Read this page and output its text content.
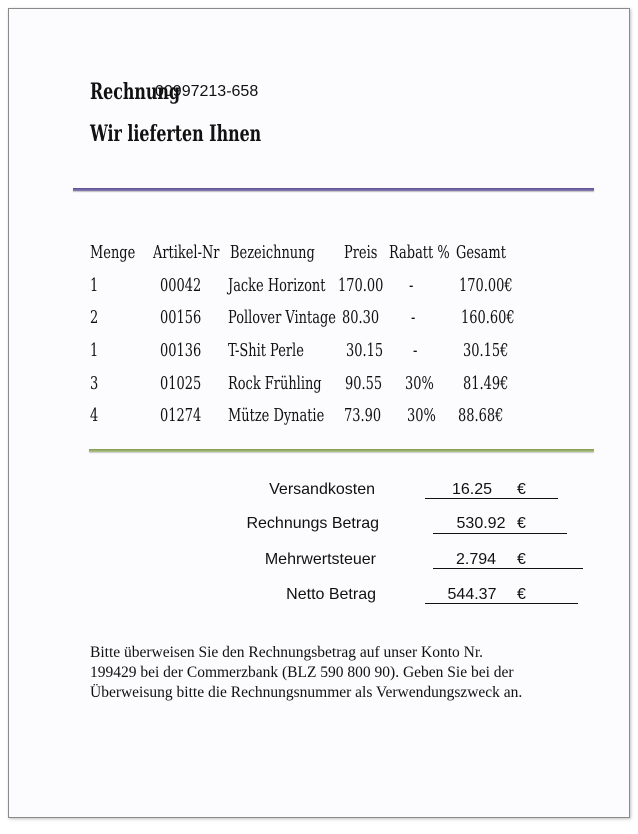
Rechnung
00997213-658
Wir lieferten Ihnen
Menge Artikel-Nr Bezeichnung Preis Rabatt % Gesamt
1	00042 Jacke Horizont 170.00 -	170.00€
2	00156 Pollover Vintage 80.30 -	160.60€
1	00136 T-Shit Perle 30.15 -	30.15€
3	01025 Rock Frühling 90.55 30% 81.49€
4	01274 Mütze Dynatie 73.90 30% 88.68€
Versandkosten	16.25	€
Rechnungs Betrag	530.92 €
Mehrwertsteuer	2.794	€
Netto Betrag	544.37	€
Bitte überweisen Sie den Rechnungsbetrag auf unser Konto Nr.
199429 bei der Commerzbank (BLZ 590 800 90). Geben Sie bei der
Überweisung bitte die Rechnungsnummer als Verwendungszweck an.
